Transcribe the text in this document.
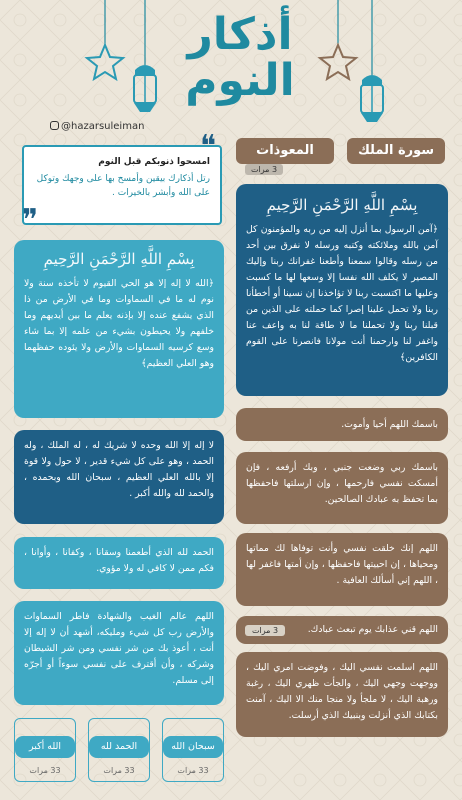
أذكار
النوم
@hazarsuleiman
سورة الملك
المعوذات
3 مرات
امسحوا ذنوبكم قبل النوم
رتل أذكارك بيقين وأمسح بها على وجهك وتوكل على الله وأبشر بالخيرات .
❞	بِسْمِ اللَّهِ الرَّحْمَنِ الرَّحِيمِ
﴿آمن الرسول بما أنزل إليه من ربه والمؤمنون كل آمن بالله وملائكته وكتبه ورسله لا نفرق بين أحد من رسله وقالوا سمعنا وأطعنا غفرانك ربنا وإليك المصير لا يكلف الله نفسا إلا وسعها لها ما كسبت وعليها ما اكتسبت ربنا لا تؤاخذنا إن نسينا أو أخطأنا ربنا ولا تحمل علينا إصرا كما حملته على الذين من قبلنا ربنا ولا تحملنا ما لا طاقة لنا به واعف عنا واغفر لنا وارحمنا أنت مولانا فانصرنا على القوم الكافرين﴾
باسمك اللهم أحيا وأموت.
باسمك ربي وضعت جنبي ، وبك أرفعه ، فإن أمسكت نفسي فارحمها ، وإن ارسلتها فاحفظها بما تحفظ به عبادك الصالحين.
اللهم إنك خلقت نفسي وأنت توفاها لك مماتها ومحياها ، إن احييتها فاحفظها ، وإن أمتها فاغفر لها ، اللهم إني أسألك العافية .
اللهم قني عذابك يوم تبعث عبادك.
3 مرات
اللهم اسلمت نفسي اليك ، وفوضت امري اليك ، ووجهت وجهي اليك ، والجأت ظهري اليك ، رغبة ورهبة اليك ، لا ملجأ ولا منجا منك الا اليك ، آمنت بكتابك الذي أنزلت وبنبيك الذي أرسلت.
بِسْمِ اللَّهِ الرَّحْمَنِ الرَّحِيمِ
﴿الله لا إله إلا هو الحي القيوم لا تأخذه سنة ولا نوم له ما في السماوات وما في الأرض من ذا الذي يشفع عنده إلا بإذنه يعلم ما بين أيديهم وما خلفهم ولا يحيطون بشيء من علمه إلا بما شاء وسع كرسيه السماوات والأرض ولا يئوده حفظهما وهو العلي العظيم﴾
لا إله إلا الله وحده لا شريك له ، له الملك ، وله الحمد ، وهو على كل شيء قدير ، لا حول ولا قوة إلا بالله العلي العظيم ، سبحان الله وبحمده ، والحمد لله والله أكبر .
الحمد لله الذي أطعمنا وسقانا ، وكفانا ، وأوانا ، فكم ممن لا كافي له ولا مؤوي.
اللهم عالم الغيب والشهادة فاطر السماوات والأرض رب كل شيء ومليكه، أشهد أن لا إله إلا أنت ، أعوذ بك من شر نفسي ومن شر الشيطان وشركه ، وأن أقترف على نفسي سوءاً أو أجرّه إلى مسلم.
سبحان الله
33 مرات
الحمد لله
33 مرات
الله أكبر
33 مرات
